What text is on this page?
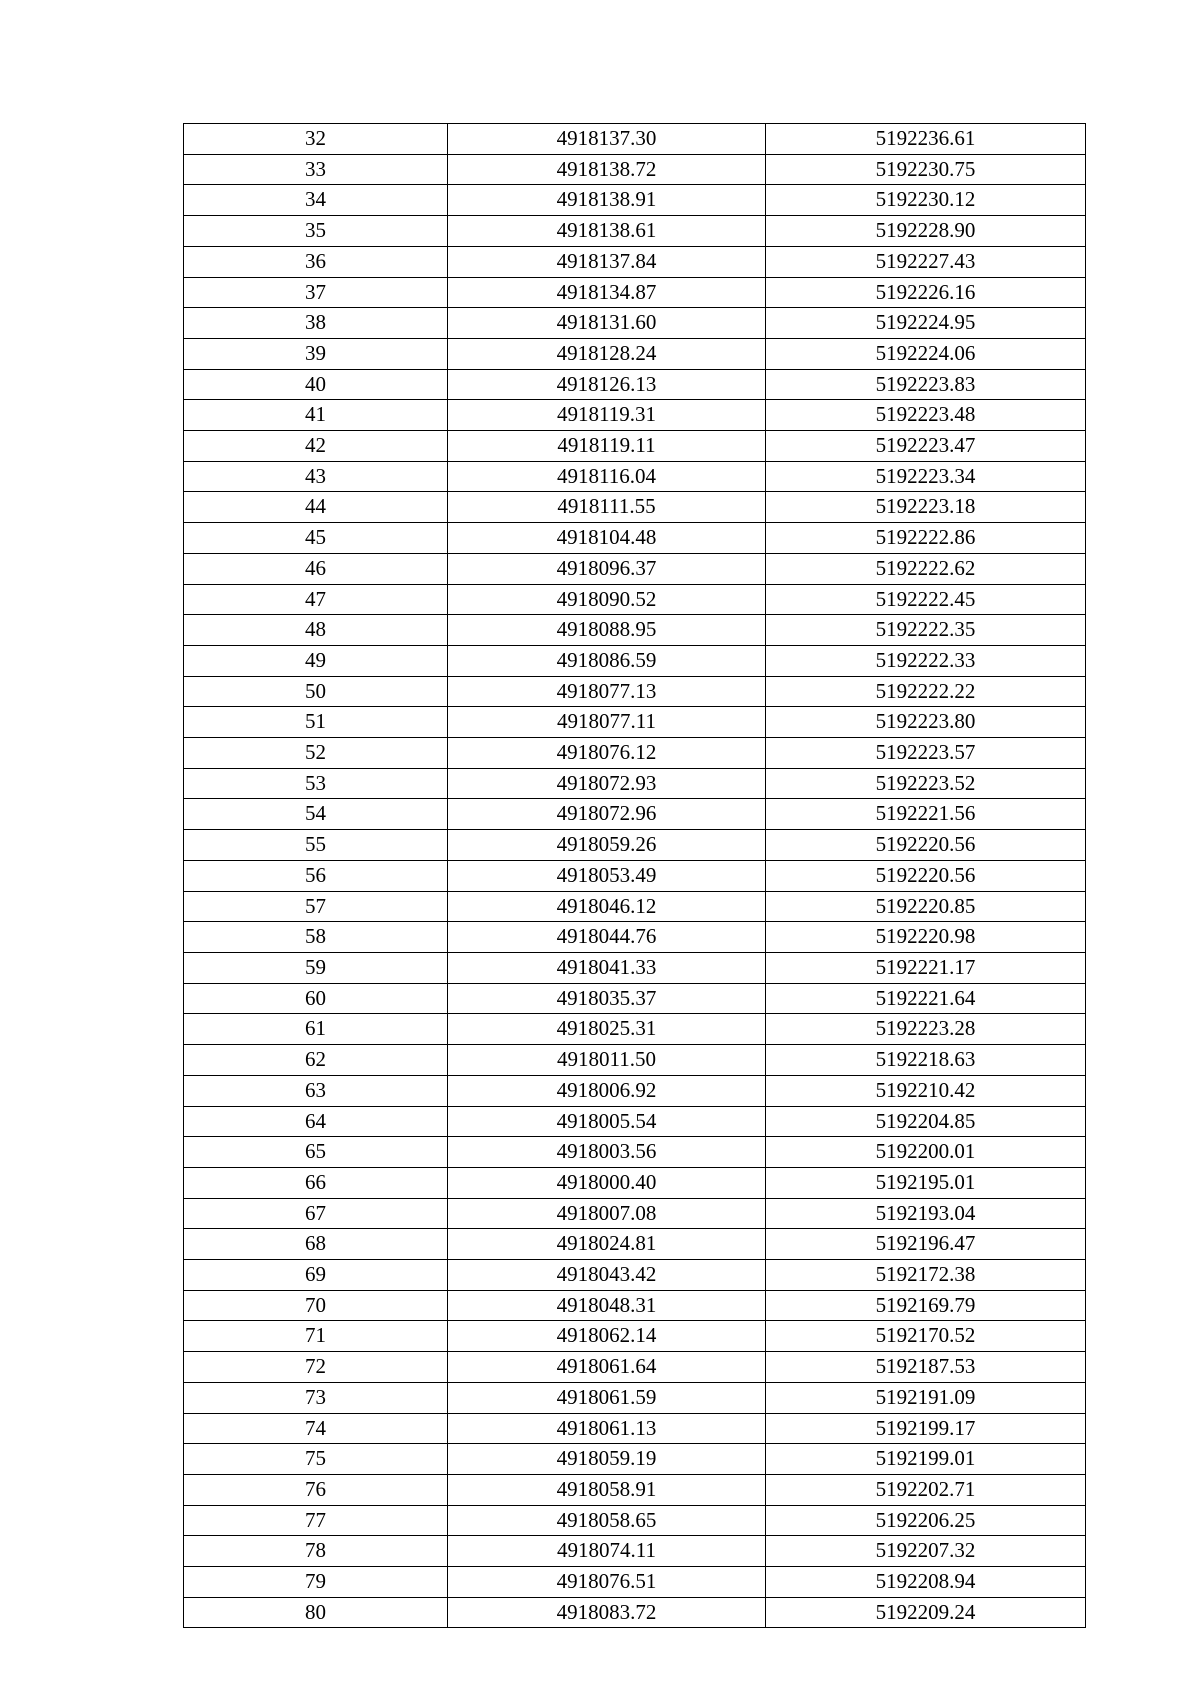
32	4918137.30	5192236.61
33	4918138.72	5192230.75
34	4918138.91	5192230.12
35	4918138.61	5192228.90
36	4918137.84	5192227.43
37	4918134.87	5192226.16
38	4918131.60	5192224.95
39	4918128.24	5192224.06
40	4918126.13	5192223.83
41	4918119.31	5192223.48
42	4918119.11	5192223.47
43	4918116.04	5192223.34
44	4918111.55	5192223.18
45	4918104.48	5192222.86
46	4918096.37	5192222.62
47	4918090.52	5192222.45
48	4918088.95	5192222.35
49	4918086.59	5192222.33
50	4918077.13	5192222.22
51	4918077.11	5192223.80
52	4918076.12	5192223.57
53	4918072.93	5192223.52
54	4918072.96	5192221.56
55	4918059.26	5192220.56
56	4918053.49	5192220.56
57	4918046.12	5192220.85
58	4918044.76	5192220.98
59	4918041.33	5192221.17
60	4918035.37	5192221.64
61	4918025.31	5192223.28
62	4918011.50	5192218.63
63	4918006.92	5192210.42
64	4918005.54	5192204.85
65	4918003.56	5192200.01
66	4918000.40	5192195.01
67	4918007.08	5192193.04
68	4918024.81	5192196.47
69	4918043.42	5192172.38
70	4918048.31	5192169.79
71	4918062.14	5192170.52
72	4918061.64	5192187.53
73	4918061.59	5192191.09
74	4918061.13	5192199.17
75	4918059.19	5192199.01
76	4918058.91	5192202.71
77	4918058.65	5192206.25
78	4918074.11	5192207.32
79	4918076.51	5192208.94
80	4918083.72	5192209.24
